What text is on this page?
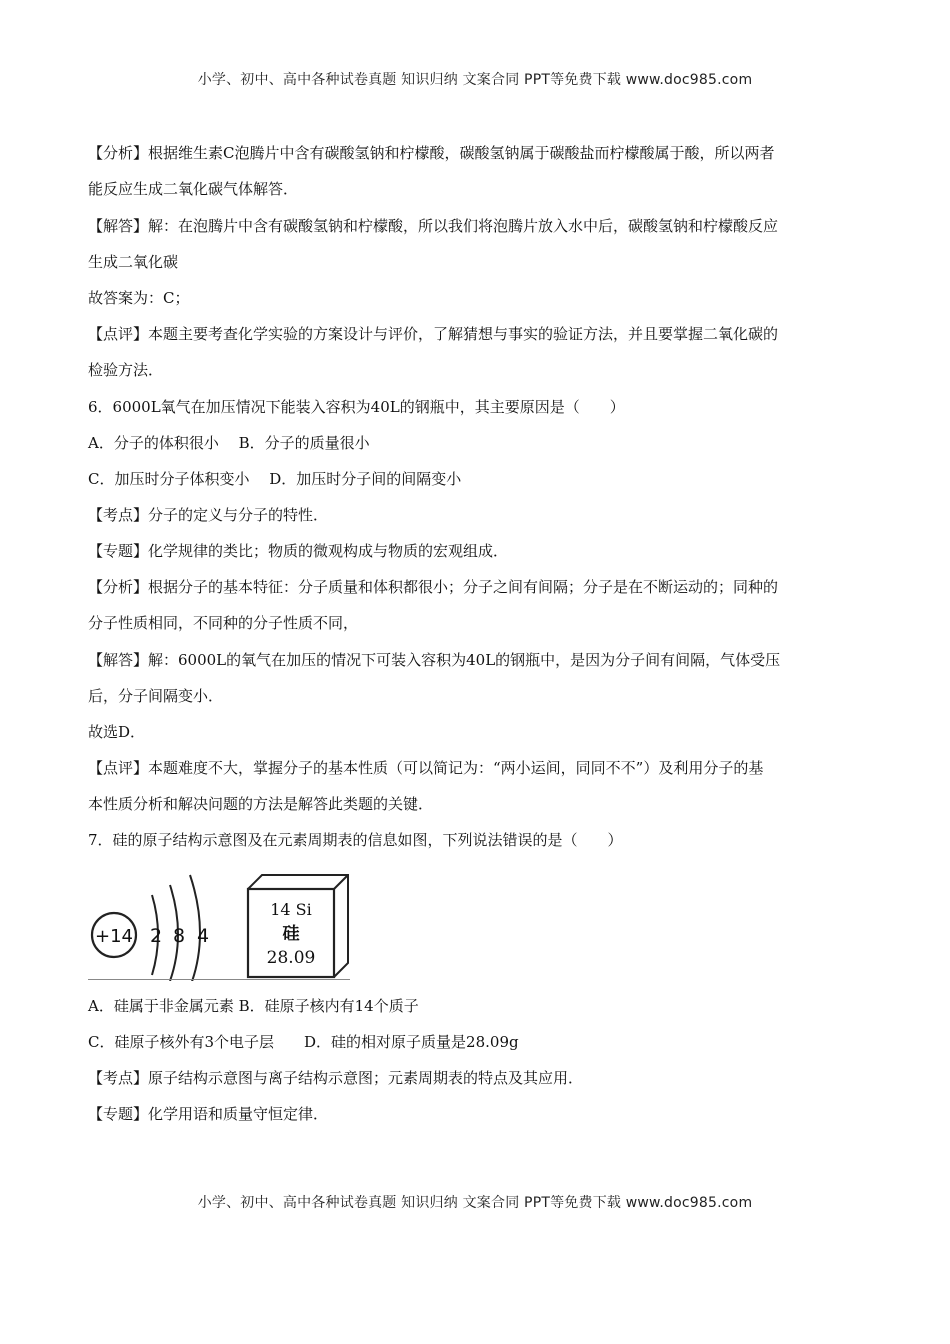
小学、初中、高中各种试卷真题 知识归纳 文案合同 PPT等免费下载 www.doc985.com

【分析】根据维生素C泡腾片中含有碳酸氢钠和柠檬酸，碳酸氢钠属于碳酸盐而柠檬酸属于酸，所以两者

能反应生成二氧化碳气体解答．

【解答】解：在泡腾片中含有碳酸氢钠和柠檬酸，所以我们将泡腾片放入水中后，碳酸氢钠和柠檬酸反应

生成二氧化碳

故答案为：C；

【点评】本题主要考查化学实验的方案设计与评价，了解猜想与事实的验证方法，并且要掌握二氧化碳的

检验方法．

6．6000L氧气在加压情况下能装入容积为40L的钢瓶中，其主要原因是（　　）

A．分子的体积很小　 B．分子的质量很小

C．加压时分子体积变小　 D．加压时分子间的间隔变小

【考点】分子的定义与分子的特性．

【专题】化学规律的类比；物质的微观构成与物质的宏观组成．

【分析】根据分子的基本特征：分子质量和体积都很小；分子之间有间隔；分子是在不断运动的；同种的

分子性质相同，不同种的分子性质不同，

【解答】解：6000L的氧气在加压的情况下可装入容积为40L的钢瓶中，是因为分子间有间隔，气体受压

后，分子间隔变小．

故选D．

【点评】本题难度不大，掌握分子的基本性质（可以简记为：“两小运间，同同不不”）及利用分子的基

本性质分析和解决问题的方法是解答此类题的关键．

7．硅的原子结构示意图及在元素周期表的信息如图，下列说法错误的是（　　）

+14 2 8 4
14 Si
硅
28.09

A．硅属于非金属元素 B．硅原子核内有14个质子

C．硅原子核外有3个电子层　　D．硅的相对原子质量是28.09g

【考点】原子结构示意图与离子结构示意图；元素周期表的特点及其应用．

【专题】化学用语和质量守恒定律．

小学、初中、高中各种试卷真题 知识归纳 文案合同 PPT等免费下载 www.doc985.com
